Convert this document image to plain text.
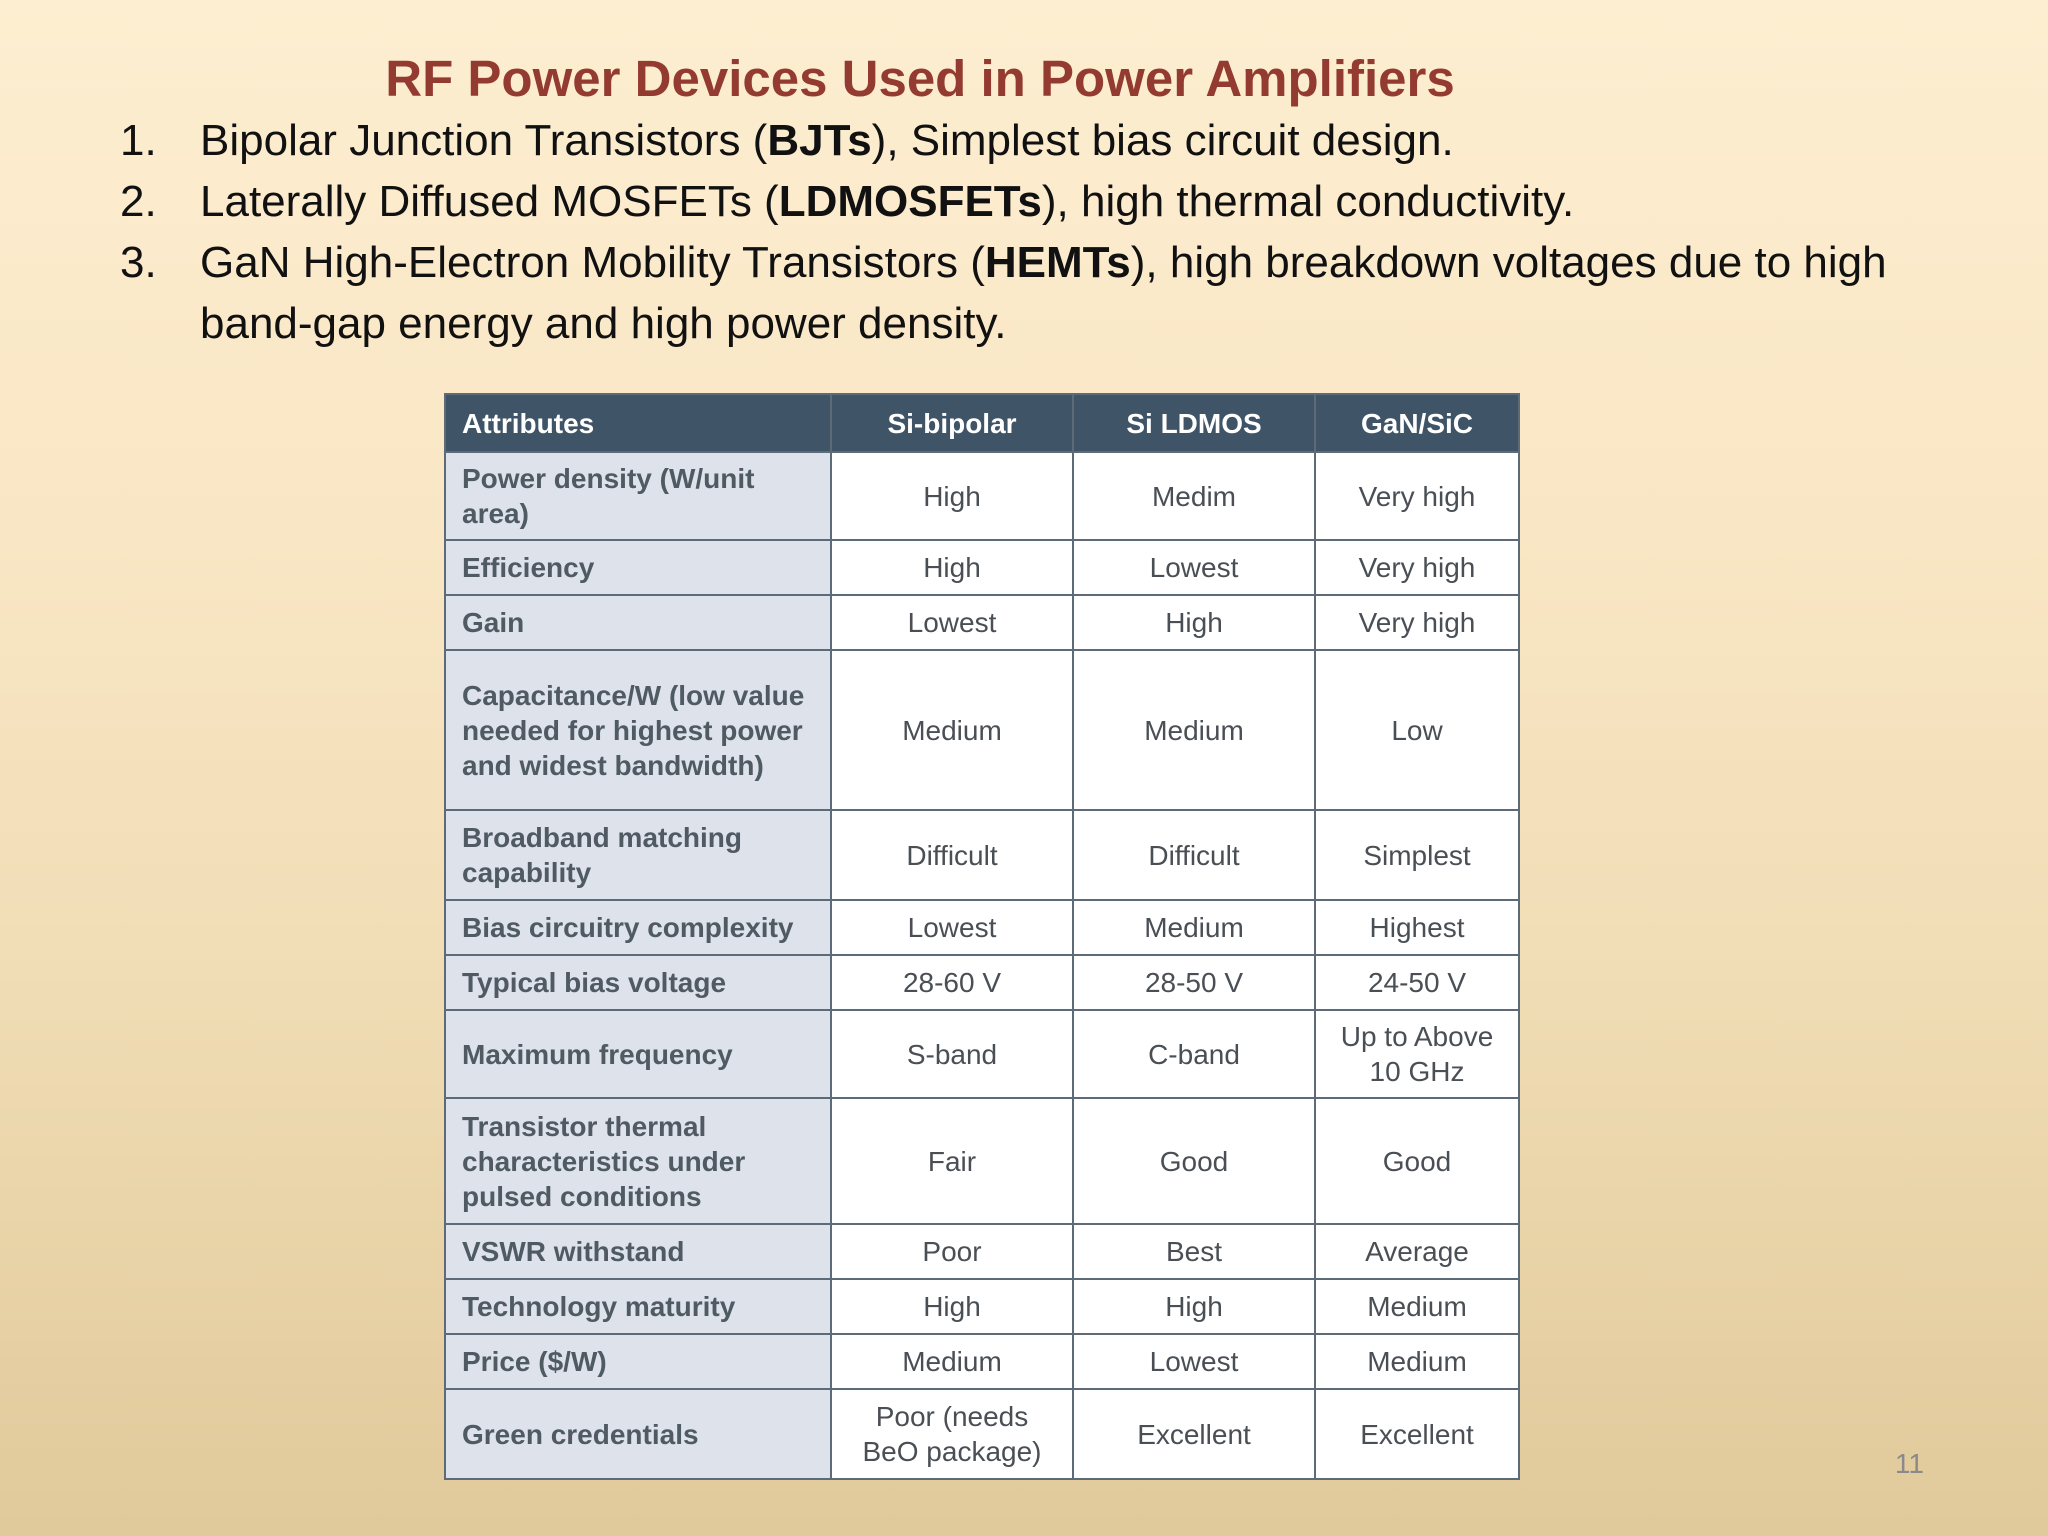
RF Power Devices Used in Power Amplifiers
1. Bipolar Junction Transistors (BJTs), Simplest bias circuit design.
2. Laterally Diffused MOSFETs (LDMOSFETs), high thermal conductivity.
3. GaN High-Electron Mobility Transistors (HEMTs), high breakdown voltages due to high band-gap energy and high power density.
Attributes	Si-bipolar	Si LDMOS	GaN/SiC
Power density (W/unit area)	High	Medim	Very high
Efficiency	High	Lowest	Very high
Gain	Lowest	High	Very high
Capacitance/W (low value needed for highest power and widest bandwidth)	Medium	Medium	Low
Broadband matching capability	Difficult	Difficult	Simplest
Bias circuitry complexity	Lowest	Medium	Highest
Typical bias voltage	28-60 V	28-50 V	24-50 V
Maximum frequency	S-band	C-band	Up to Above 10 GHz
Transistor thermal characteristics under pulsed conditions	Fair	Good	Good
VSWR withstand	Poor	Best	Average
Technology maturity	High	High	Medium
Price ($/W)	Medium	Lowest	Medium
Green credentials	Poor (needs BeO package)	Excellent	Excellent
11
